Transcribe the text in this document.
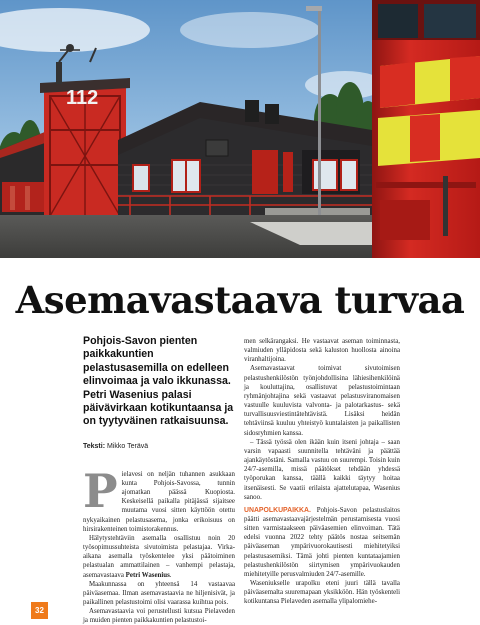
112
Asemavastaava turvaa

Pohjois-Savon pienten paikkakuntien pelastusasemilla on edelleen elinvoimaa ja valo ikkunassa. Petri Wasenius palasi päivävirkaan kotikuntaansa ja on tyytyväinen ratkaisuunsa.

Teksti: Mikko Terävä

P ielavesi on neljän tuhannen asukkaan kunta Pohjois-Savossa, tunnin ajomatkan päässä Kuopiosta. Keskeisellä paikalla pitäjässä sijaitsee muutama vuosi sitten käyttöön otettu nykyaikainen pelastusasema, jonka erikoisuus on hirsirakenteinen toimistorakennus.

Hälytystehtäviin asemalla osallistuu noin 20 työsopimussuhteista sivutoimista pelastajaa. Virka-aikana asemalla työskentelee yksi päätoiminen pelastualan ammattilainen – vanhempi pelastaja, asemavastaava Petri Wasenius.

Maakunnassa on yhteensä 14 vastaavaa päiväasemaa. Ilman asemavastaavia ne hiljenisivät, ja paikallinen pelastustoimi olisi vaarassa kuihtua pois.

Asemavastaavia voi perustellusti kutsua Pielaveden ja muiden pienten paikkakuntien pelastustoi-

men selkärangaksi. He vastaavat aseman toiminnasta, valmiuden ylläpidosta sekä kaluston huollosta ainoina viranhaltijoina.

Asemavastaavat toimivat sivutoimisen pelastushenkilöstön työnjohdollisina lähiesihenkilöinä ja kouluttajina, osallistuvat pelastustoimintaan ryhmänjohtajina sekä vastaavat pelastusviranomaisen vastuulle kuuluvista valvonta- ja palotarkastus- sekä turvallisuusviestintätehtävistä. Lisäksi heidän tehtäviinsä kuuluu yhteistyö kuntalaisten ja paikallisten sidosryhmien kanssa.

– Tässä työssä olen ikään kuin itseni johtaja – saan varsin vapaasti suunnitella tehtäväni ja päättää ajankäytöstäni. Samalla vastuu on suurempi. Toisin kuin 24/7-asemilla, missä päätökset tehdään yhdessä työporukan kanssa, täällä kaikki täytyy hoitaa itsenäisesti. Se vaatii erilaista ajattelutapaa, Wasenius sanoo.

UNAPOLKUPAIKKA. Pohjois-Savon pelastuslaitos päätti asemavastaavajärjestelmän perustamisesta vuosi sitten varmistaakseen päiväasemien elinvoiman. Tätä edelsi vuonna 2022 tehty päätös nostaa seitsemän päiväaseman ympärivuorokautisesti miehitetyiksi pelastusasemiksi. Tämä johti pienten kuntataajamien pelastushenkilöstön siirtymisen ympärivuokauden miehitetyille perusvalmiuden 24/7-asemille.

Waseniukselle urapolku eteni juuri tällä tavalla päiväasemalta suuremapaan yksikköön. Hän työskenteli kotikuntansa Pielaveden asemalla ylipalomiehe-

32
